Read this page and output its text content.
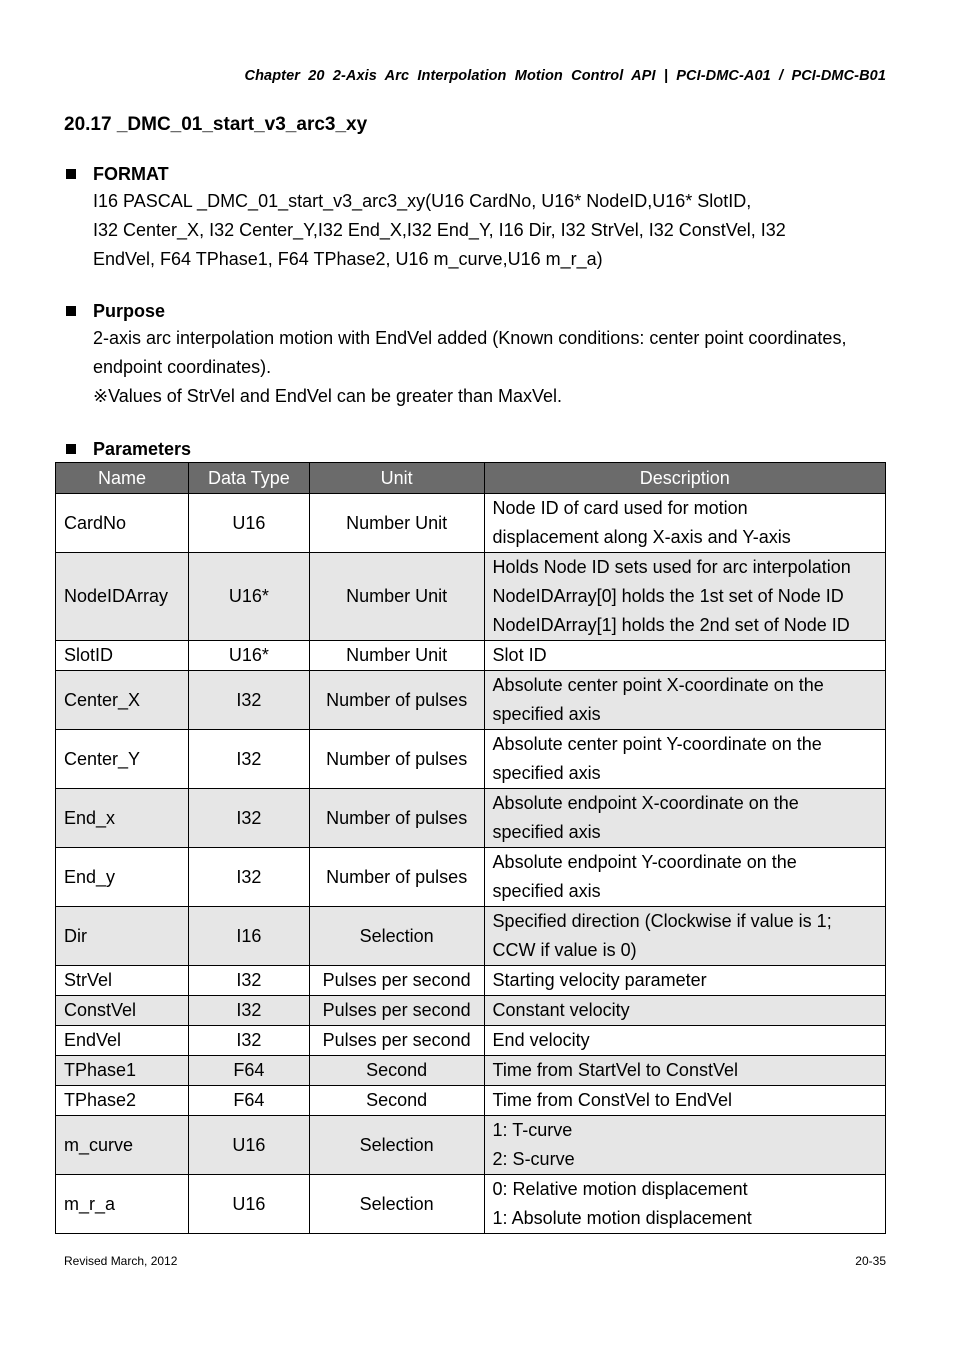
Chapter  20  2-Axis  Arc  Interpolation  Motion  Control  API  |  PCI-DMC-A01  /  PCI-DMC-B01
20.17 _DMC_01_start_v3_arc3_xy
FORMAT
I16 PASCAL _DMC_01_start_v3_arc3_xy(U16 CardNo, U16* NodeID,U16* SlotID,
I32 Center_X, I32 Center_Y,I32 End_X,I32 End_Y, I16 Dir, I32 StrVel, I32 ConstVel, I32
EndVel, F64 TPhase1, F64 TPhase2, U16 m_curve,U16 m_r_a)
Purpose
2-axis arc interpolation motion with EndVel added (Known conditions: center point coordinates,
endpoint coordinates).
※Values of StrVel and EndVel can be greater than MaxVel.
Parameters
Name	Data Type	Unit	Description
CardNo	U16	Number Unit	Node ID of card used for motion
displacement along X-axis and Y-axis

NodeIDArray	U16*	Number Unit	Holds Node ID sets used for arc interpolation
NodeIDArray[0] holds the 1st set of Node ID
NodeIDArray[1] holds the 2nd set of Node ID

SlotID	U16*	Number Unit	Slot ID

Center_X	I32	Number of pulses	Absolute center point X-coordinate on the
specified axis

Center_Y	I32	Number of pulses	Absolute center point Y-coordinate on the
specified axis

End_x	I32	Number of pulses	Absolute endpoint X-coordinate on the
specified axis

End_y	I32	Number of pulses	Absolute endpoint Y-coordinate on the
specified axis

Dir	I16	Selection	Specified direction (Clockwise if value is 1;
CCW if value is 0)

StrVel	I32	Pulses per second	Starting velocity parameter

ConstVel	I32	Pulses per second	Constant velocity

EndVel	I32	Pulses per second	End velocity

TPhase1	F64	Second	Time from StartVel to ConstVel

TPhase2	F64	Second	Time from ConstVel to EndVel

m_curve	U16	Selection	1: T-curve
2: S-curve

m_r_a	U16	Selection	0: Relative motion displacement
1: Absolute motion displacement
Revised March, 2012	20-35
